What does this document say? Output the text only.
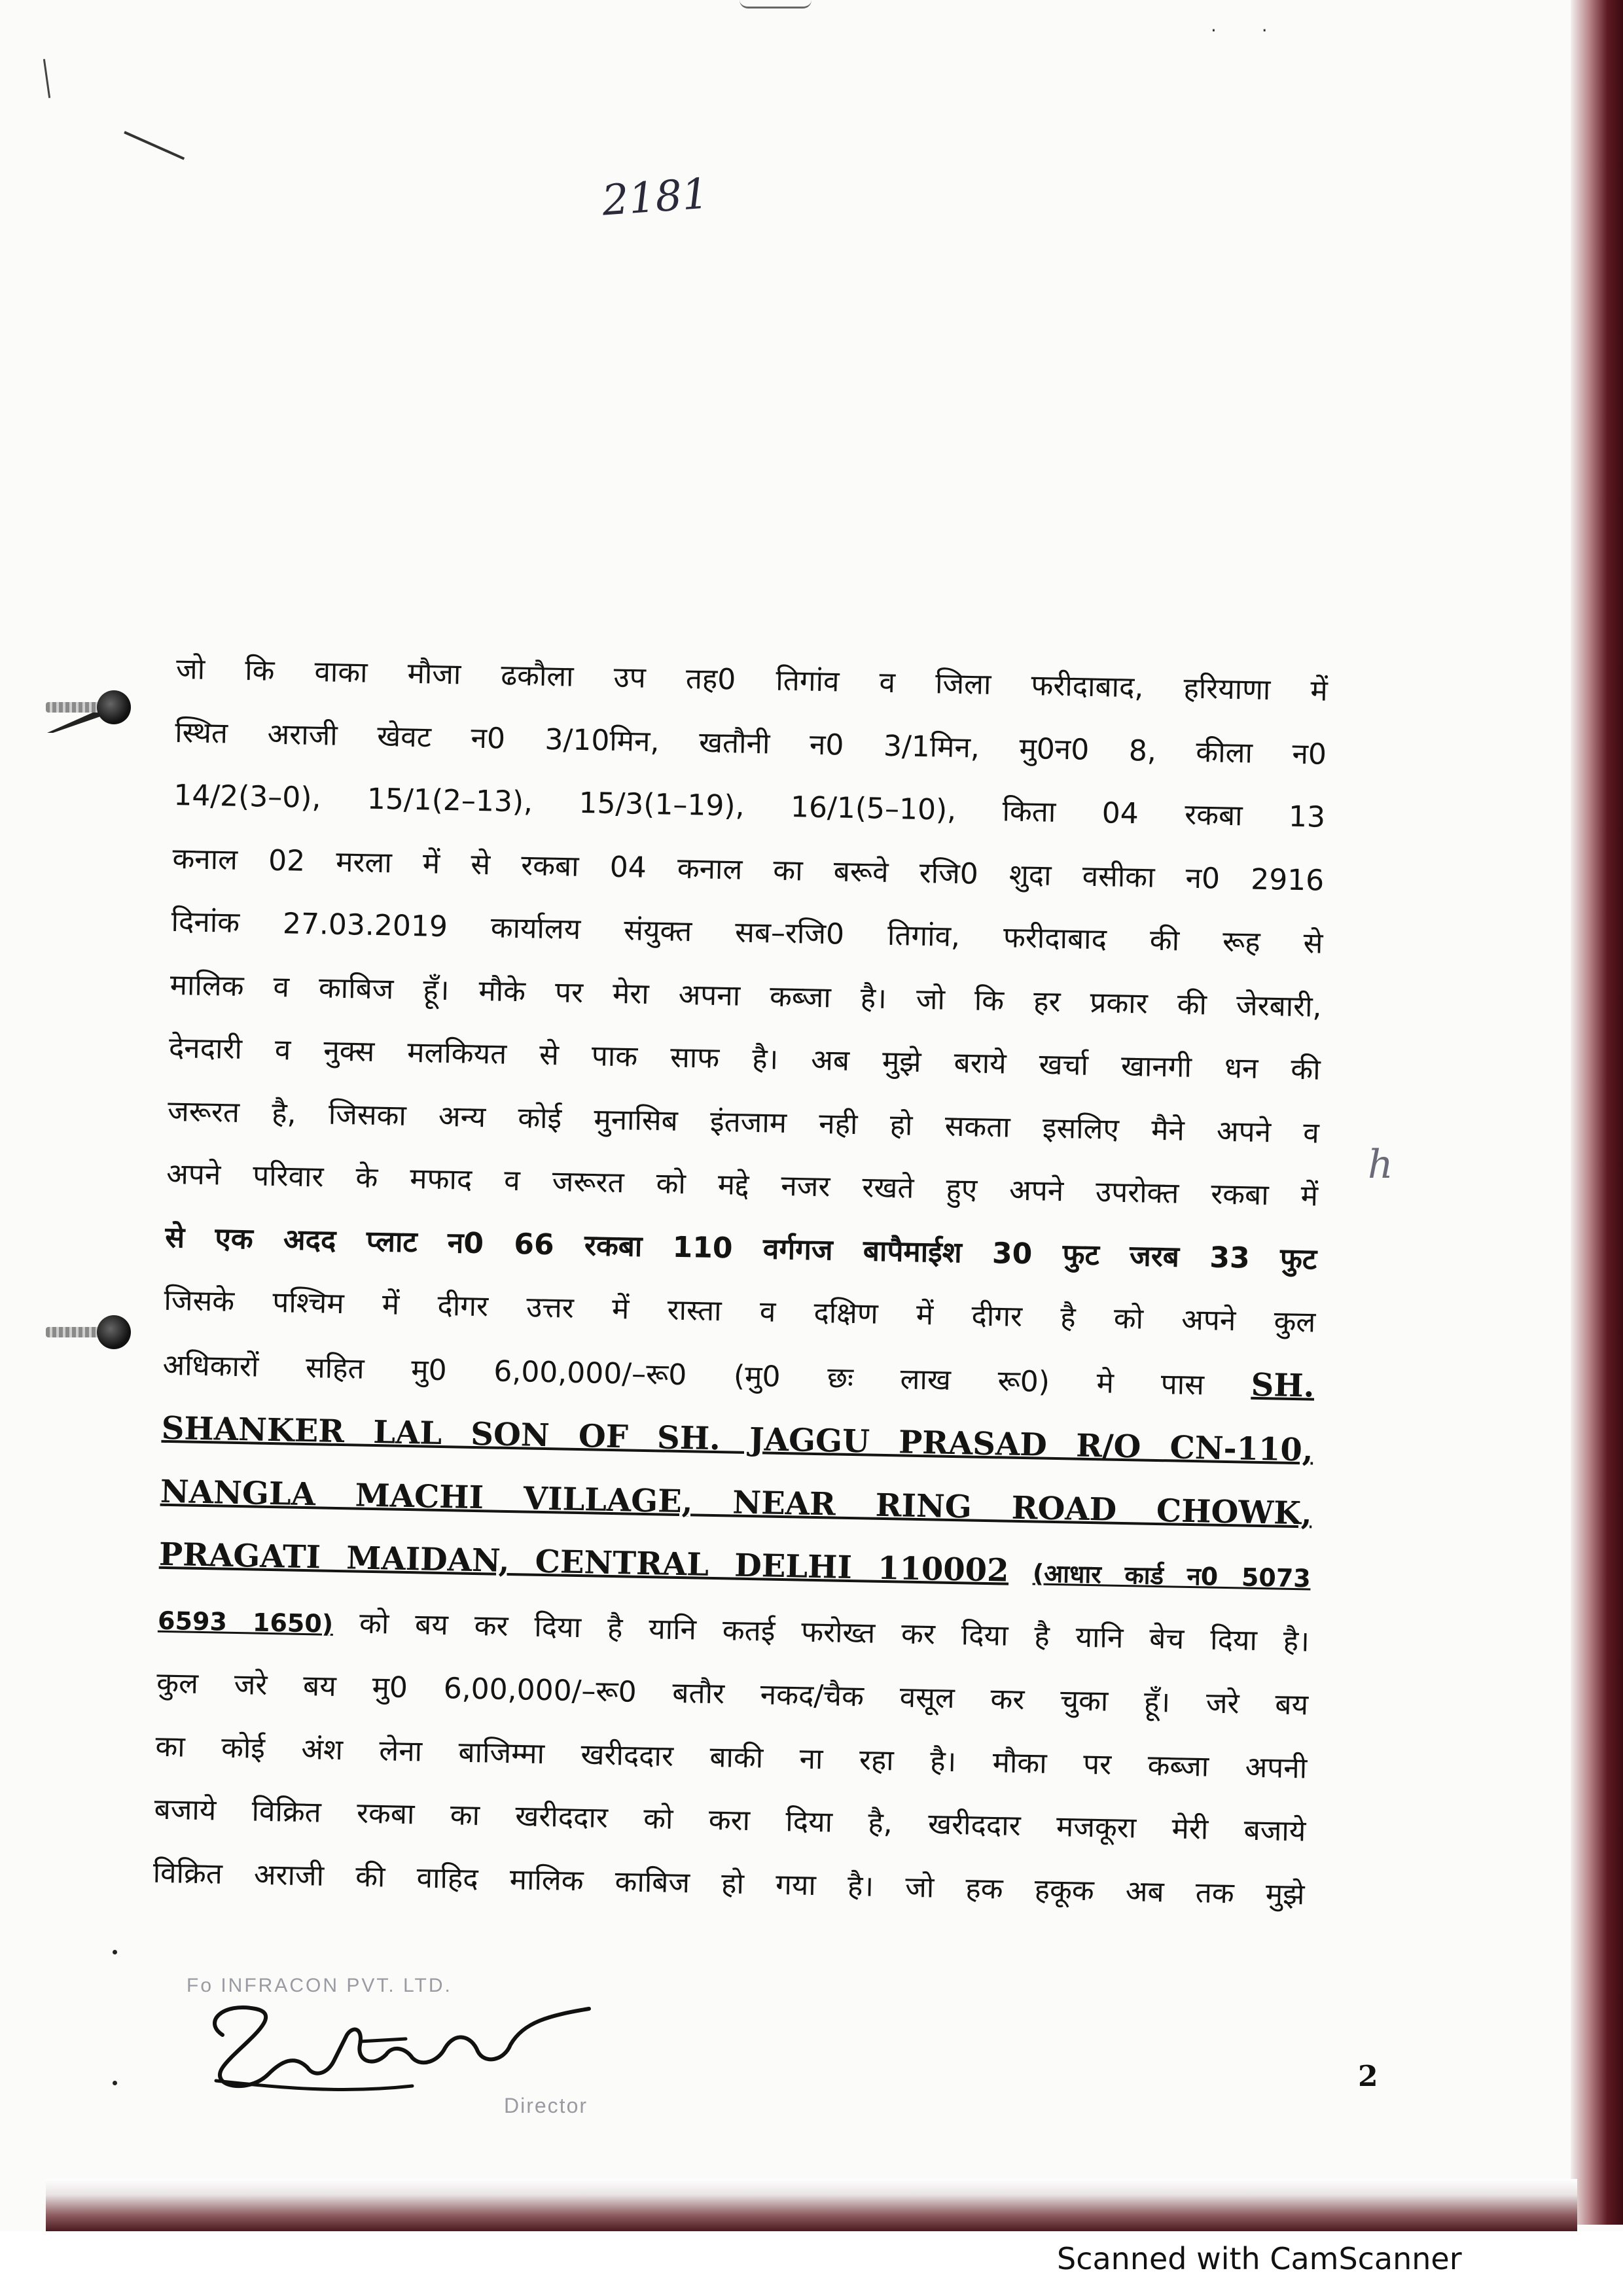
· ·
2181
जो कि वाका मौजा ढकौला उप तह0 तिगांव व जिला फरीदाबाद, हरियाणा में
स्थित अराजी खेवट न0 3/10मिन, खतौनी न0 3/1मिन, मु0न0 8, कीला न0
14/2(3–0), 15/1(2–13), 15/3(1–19), 16/1(5–10), किता 04 रकबा 13
कनाल 02 मरला में से रकबा 04 कनाल का बरूवे रजि0 शुदा वसीका न0 2916
दिनांक 27.03.2019 कार्यालय संयुक्त सब–रजि0 तिगांव, फरीदाबाद की रूह से
मालिक व काबिज हूँ। मौके पर मेरा अपना कब्जा है। जो कि हर प्रकार की जेरबारी,
देनदारी व नुक्स मलकियत से पाक साफ है। अब मुझे बराये खर्चा खानगी धन की
जरूरत है, जिसका अन्य कोई मुनासिब इंतजाम नही हो सकता इसलिए मैने अपने व
अपने परिवार के मफाद व जरूरत को मद्दे नजर रखते हुए अपने उपरोक्त रकबा में
से एक अदद प्लाट न0 66 रकबा 110 वर्गगज बापैमाईश 30 फुट जरब 33 फुट
जिसके पश्चिम में दीगर उत्तर में रास्ता व दक्षिण में दीगर है को अपने कुल
अधिकारों सहित मु0 6,00,000/–रू0 (मु0 छः लाख रू0) मे पास SH.
SHANKER LAL SON OF SH. JAGGU PRASAD R/O CN-110,
NANGLA MACHI VILLAGE, NEAR RING ROAD CHOWK,
PRAGATI MAIDAN, CENTRAL DELHI 110002 (आधार कार्ड न0 5073
6593 1650) को बय कर दिया है यानि कतई फरोख्त कर दिया है यानि बेच दिया है।
कुल जरे बय मु0 6,00,000/–रू0 बतौर नकद/चैक वसूल कर चुका हूँ। जरे बय
का कोई अंश लेना बाजिम्मा खरीददार बाकी ना रहा है। मौका पर कब्जा अपनी
बजाये विक्रित रकबा का खरीददार को करा दिया है, खरीददार मजकूरा मेरी बजाये
विक्रित अराजी की वाहिद मालिक काबिज हो गया है। जो हक हकूक अब तक मुझे
h
Fo INFRACON PVT. LTD.
Director
2
Scanned with CamScanner
